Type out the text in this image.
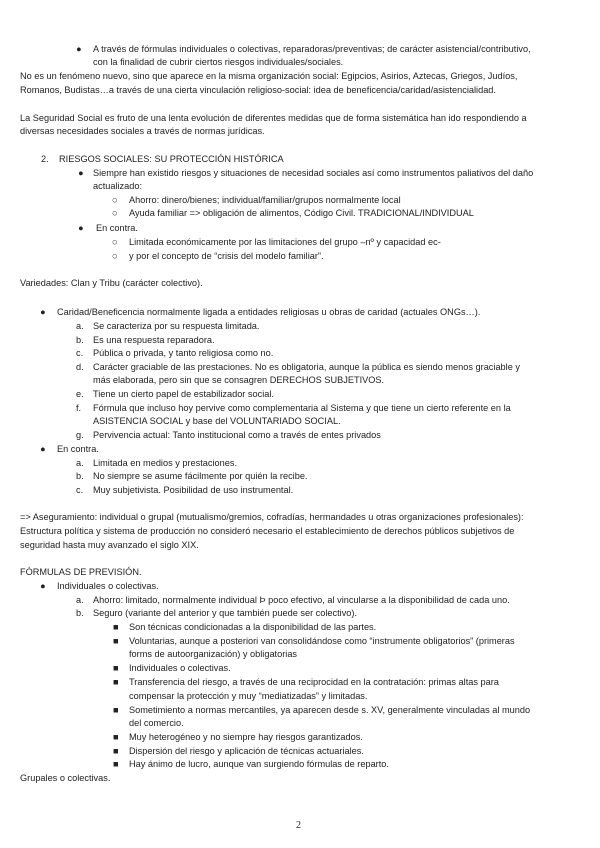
● A través de fórmulas individuales o colectivas, reparadoras/preventivas; de carácter asistencial/contributivo,
con la finalidad de cubrir ciertos riesgos individuales/sociales.
No es un fenómeno nuevo, sino que aparece en la misma organización social: Egipcios, Asirios, Aztecas, Griegos, Judíos,
Romanos, Budistas…a través de una cierta vinculación religioso-social: idea de beneficencia/caridad/asistencialidad.
La Seguridad Social es fruto de una lenta evolución de diferentes medidas que de forma sistemática han ido respondiendo a
diversas necesidades sociales a través de normas jurídicas.
2. RIESGOS SOCIALES: SU PROTECCIÓN HISTÓRICA
● Siempre han existido riesgos y situaciones de necesidad sociales así como instrumentos paliativos del daño
actualizado:
○ Ahorro: dinero/bienes; individual/familiar/grupos normalmente local
○ Ayuda familiar => obligación de alimentos, Código Civil. TRADICIONAL/INDIVIDUAL
● En contra.
○ Limitada económicamente por las limitaciones del grupo –nº y capacidad ec-
○ y por el concepto de “crisis del modelo familiar”.
Variedades: Clan y Tribu (carácter colectivo).
● Caridad/Beneficencia normalmente ligada a entidades religiosas u obras de caridad (actuales ONGs…).
a. Se caracteriza por su respuesta limitada.
b. Es una respuesta reparadora.
c. Pública o privada, y tanto religiosa como no.
d. Carácter graciable de las prestaciones. No es obligatoria, aunque la pública es siendo menos graciable y
más elaborada, pero sin que se consagren DERECHOS SUBJETIVOS.
e. Tiene un cierto papel de estabilizador social.
f. Fórmula que incluso hoy pervive como complementaria al Sistema y que tiene un cierto referente en la
ASISTENCIA SOCIAL y base del VOLUNTARIADO SOCIAL.
g. Pervivencia actual: Tanto institucional como a través de entes privados
● En contra.
a. Limitada en medios y prestaciones.
b. No siempre se asume fácilmente por quién la recibe.
c. Muy subjetivista. Posibilidad de uso instrumental.
=> Aseguramiento: individual o grupal (mutualismo/gremios, cofradías, hermandades u otras organizaciones profesionales):
Estructura política y sistema de producción no consideró necesario el establecimiento de derechos públicos subjetivos de
seguridad hasta muy avanzado el siglo XIX.
FÓRMULAS DE PREVISIÓN.
● Individuales o colectivas.
a. Ahorro: limitado, normalmente individual Þ poco efectivo, al vincularse a la disponibilidad de cada uno.
b. Seguro (variante del anterior y que también puede ser colectivo).
■ Son técnicas condicionadas a la disponibilidad de las partes.
■ Voluntarias, aunque a posteriori van consolidándose como “instrumente obligatorios” (primeras
forms de autoorganización) y obligatorias
■ Individuales o colectivas.
■ Transferencia del riesgo, a través de una reciprocidad en la contratación: primas altas para
compensar la protección y muy “mediatizadas” y limitadas.
■ Sometimiento a normas mercantiles, ya aparecen desde s. XV, generalmente vinculadas al mundo
del comercio.
■ Muy heterogéneo y no siempre hay riesgos garantizados.
■ Dispersión del riesgo y aplicación de técnicas actuariales.
■ Hay ánimo de lucro, aunque van surgiendo fórmulas de reparto.
Grupales o colectivas.
2
